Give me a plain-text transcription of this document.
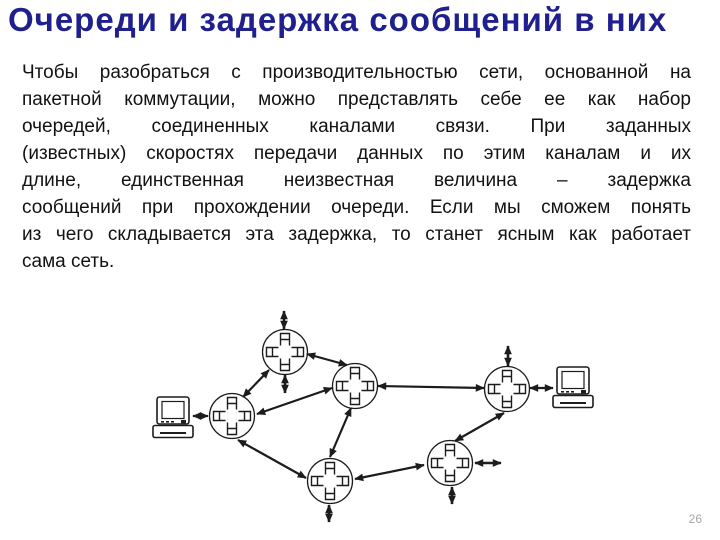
Очереди и задержка сообщений в них
Чтобы разобраться с производительностью сети, основанной на
пакетной коммутации, можно представлять себе ее как набор
очередей, соединенных каналами связи. При заданных
(известных) скоростях передачи данных по этим каналам и их
длине, единственная неизвестная величина – задержка
сообщений при прохождении очереди. Если мы сможем понять
из чего складывается эта задержка, то станет ясным как работает
сама сеть.
26
